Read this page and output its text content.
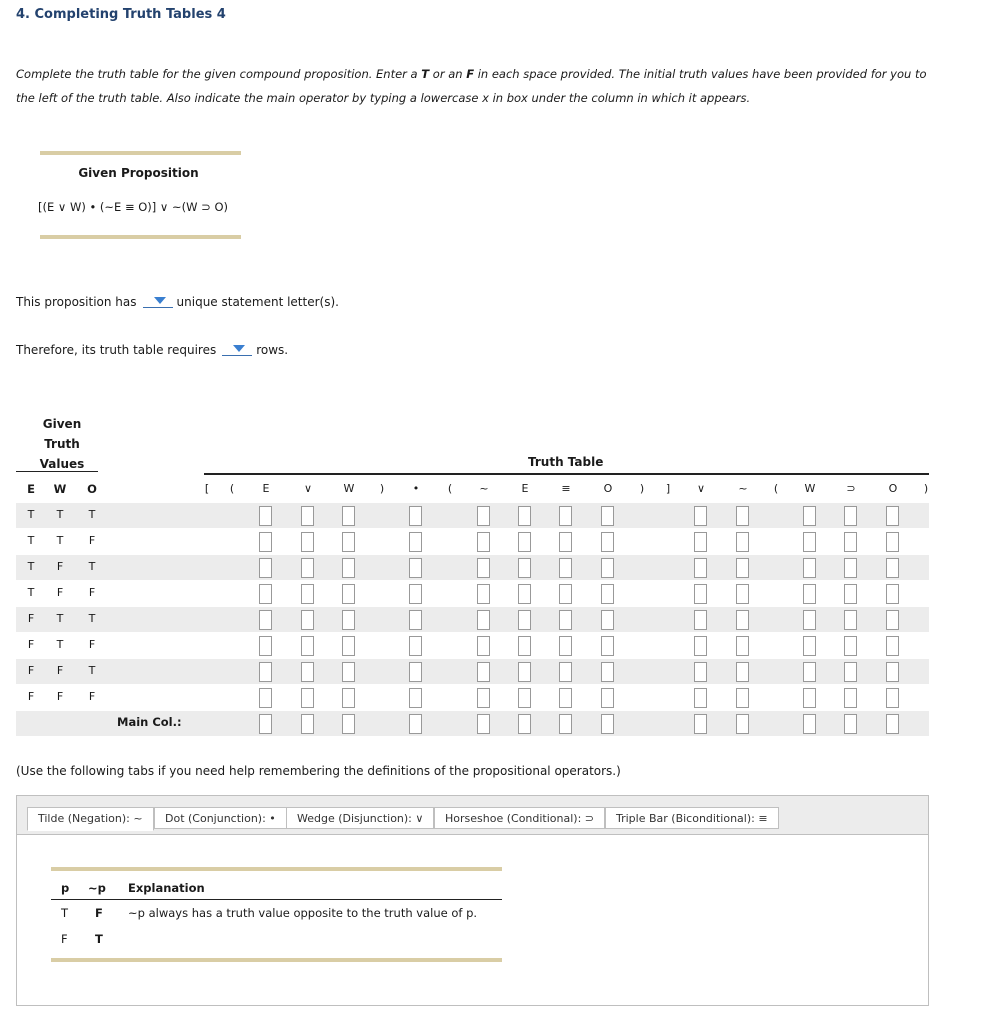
4. Completing Truth Tables 4
Complete the truth table for the given compound proposition. Enter a T or an F in each space provided. The initial truth values have been provided for you to the left of the truth table. Also indicate the main operator by typing a lowercase x in box under the column in which it appears.
Given Proposition
[(E ∨ W) • (~E ≡ O)] ∨ ~(W ⊃ O)
This proposition has	unique statement letter(s).
Therefore, its truth table requires	rows.
Given
Truth
Values	Truth Table
E	W	O	[	(	E	∨	W	)	•	(	~	E	≡	O	)	]	∨	~	(	W	⊃	O	)
T	T	T
T	T	F
T	F	T
T	F	F
F	T	T
F	T	F
F	F	T
F	F	F
Main Col.:
(Use the following tabs if you need help remembering the definitions of the propositional operators.)
Tilde (Negation): ~	Dot (Conjunction): •	Wedge (Disjunction): ∨	Horseshoe (Conditional): ⊃	Triple Bar (Biconditional): ≡
p ~p Explanation
T F ~p always has a truth value opposite to the truth value of p.
F T
